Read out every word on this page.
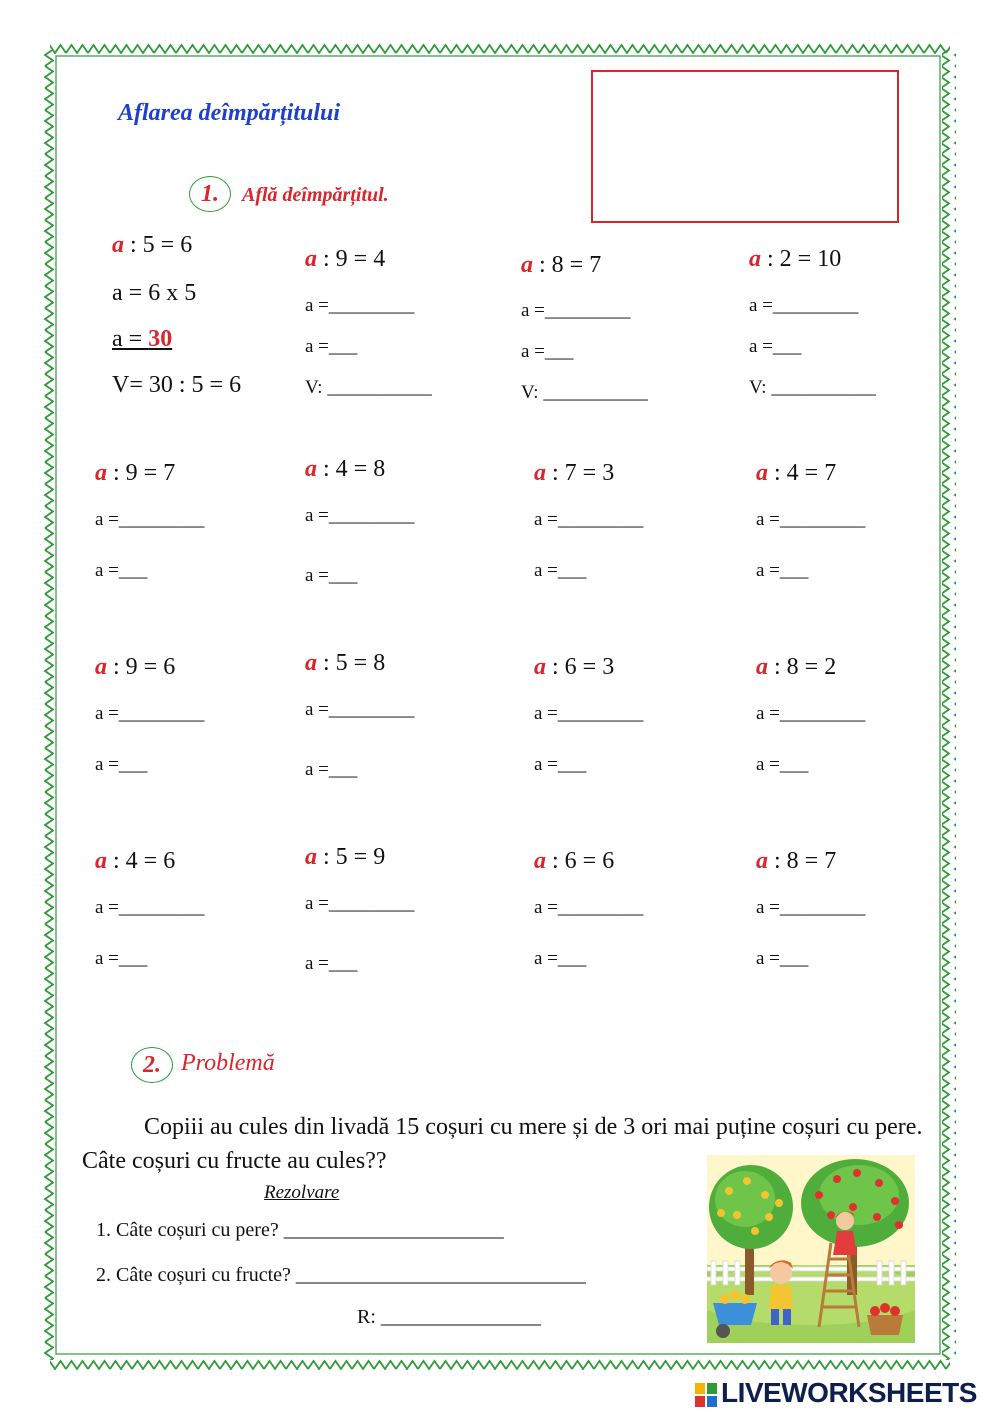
Aflarea deîmpărțitului
1.	Află deîmpărțitul.
a : 5 = 6
a = 6 x 5
a = 30
V= 30 : 5 = 6
a : 9 = 4
a =_________
a =___
V: ___________
a : 8 = 7
a =_________
a =___
V: ___________
a : 2 = 10
a =_________
a =___
V: ___________
a : 9 = 7
a =_________
a =___
a : 4 = 8
a =_________
a =___
a : 7 = 3
a =_________
a =___
a : 4 = 7
a =_________
a =___
a : 9 = 6
a =_________
a =___
a : 5 = 8
a =_________
a =___
a : 6 = 3
a =_________
a =___
a : 8 = 2
a =_________
a =___
a : 4 = 6
a =_________
a =___
a : 5 = 9
a =_________
a =___
a : 6 = 6
a =_________
a =___
a : 8 = 7
a =_________
a =___
2. Problemă
Copiii au cules din livadă 15 coșuri cu mere și de 3 ori mai puține coșuri cu pere. Câte coșuri cu fructe au cules??
Rezolvare
1. Câte coșuri cu pere? ______________________
2. Câte coșuri cu fructe? _____________________________
R: ________________
LIVEWORKSHEETS
